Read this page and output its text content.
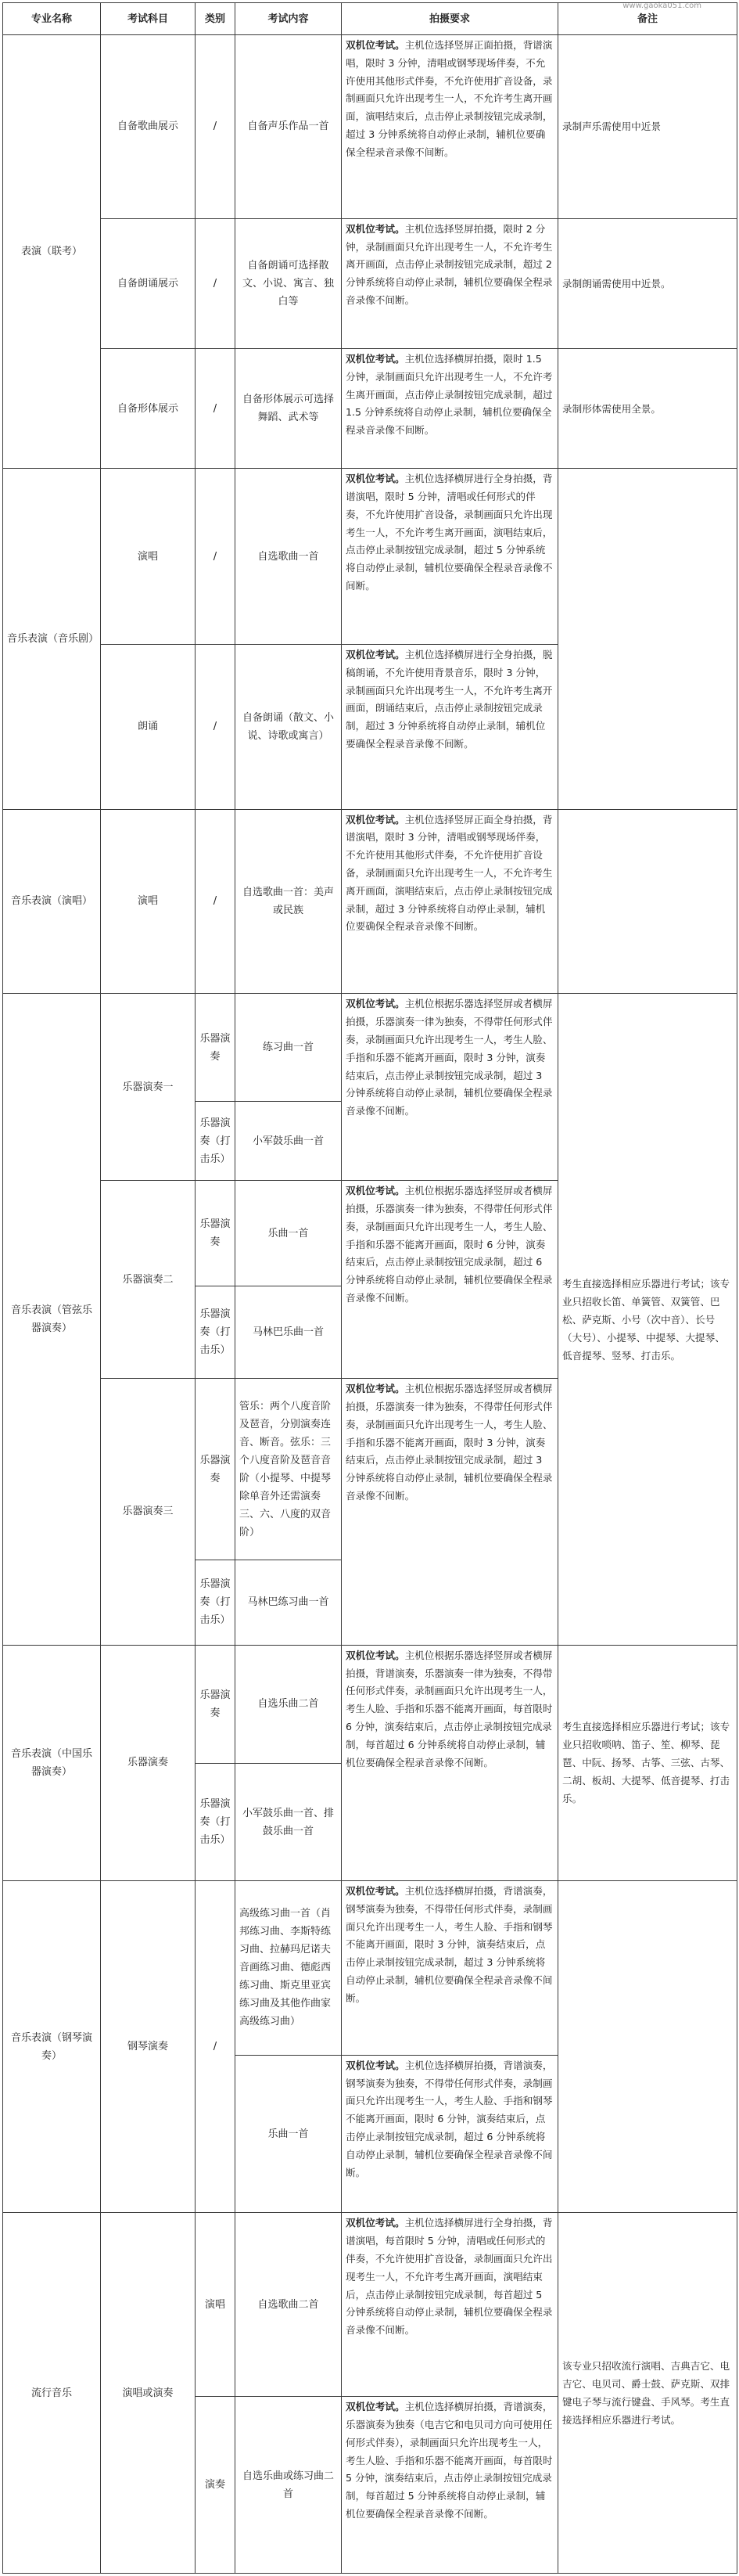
www.gaoka051.com
专业名称	考试科目	类别	考试内容	拍摄要求	备注
表演（联考）	自备歌曲展示	/	自备声乐作品一首	双机位考试。主机位选择竖屏正面拍摄，背谱演唱，限时 3 分钟，清唱或钢琴现场伴奏，不允许使用其他形式伴奏，不允许使用扩音设备，录制画面只允许出现考生一人，不允许考生离开画面，演唱结束后，点击停止录制按钮完成录制，超过 3 分钟系统将自动停止录制，辅机位要确保全程录音录像不间断。	录制声乐需使用中近景
	自备朗诵展示	/	自备朗诵可选择散文、小说、寓言、独白等	双机位考试。主机位选择竖屏拍摄，限时 2 分钟，录制画面只允许出现考生一人，不允许考生离开画面，点击停止录制按钮完成录制，超过 2 分钟系统将自动停止录制，辅机位要确保全程录音录像不间断。	录制朗诵需使用中近景。
	自备形体展示	/	自备形体展示可选择舞蹈、武术等	双机位考试。主机位选择横屏拍摄，限时 1.5 分钟，录制画面只允许出现考生一人，不允许考生离开画面，点击停止录制按钮完成录制，超过 1.5 分钟系统将自动停止录制，辅机位要确保全程录音录像不间断。	录制形体需使用全景。
音乐表演（音乐剧）	演唱	/	自选歌曲一首	双机位考试。主机位选择横屏进行全身拍摄，背谱演唱，限时 5 分钟，清唱或任何形式的伴奏，不允许使用扩音设备，录制画面只允许出现考生一人，不允许考生离开画面，演唱结束后，点击停止录制按钮完成录制，超过 5 分钟系统将自动停止录制，辅机位要确保全程录音录像不间断。	
	朗诵	/	自备朗诵（散文、小说、诗歌或寓言）	双机位考试。主机位选择横屏进行全身拍摄，脱稿朗诵，不允许使用背景音乐，限时 3 分钟，录制画面只允许出现考生一人，不允许考生离开画面，朗诵结束后，点击停止录制按钮完成录制，超过 3 分钟系统将自动停止录制，辅机位要确保全程录音录像不间断。	
音乐表演（演唱）	演唱	/	自选歌曲一首：美声或民族	双机位考试。主机位选择竖屏正面全身拍摄，背谱演唱，限时 3 分钟，清唱或钢琴现场伴奏，不允许使用其他形式伴奏，不允许使用扩音设备，录制画面只允许出现考生一人，不允许考生离开画面，演唱结束后，点击停止录制按钮完成录制，超过 3 分钟系统将自动停止录制，辅机位要确保全程录音录像不间断。	
音乐表演（管弦乐器演奏）	乐器演奏一	乐器演奏	练习曲一首	双机位考试。主机位根据乐器选择竖屏或者横屏拍摄，乐器演奏一律为独奏，不得带任何形式伴奏，录制画面只允许出现考生一人，考生人脸、手指和乐器不能离开画面，限时 3 分钟，演奏结束后，点击停止录制按钮完成录制，超过 3 分钟系统将自动停止录制，辅机位要确保全程录音录像不间断。	考生直接选择相应乐器进行考试；该专业只招收长笛、单簧管、双簧管、巴松、萨克斯、小号（次中音）、长号（大号）、小提琴、中提琴、大提琴、低音提琴、竖琴、打击乐。
		乐器演奏（打击乐）	小军鼓乐曲一首		
	乐器演奏二	乐器演奏	乐曲一首	双机位考试。主机位根据乐器选择竖屏或者横屏拍摄，乐器演奏一律为独奏，不得带任何形式伴奏，录制画面只允许出现考生一人，考生人脸、手指和乐器不能离开画面，限时 6 分钟，演奏结束后，点击停止录制按钮完成录制，超过 6 分钟系统将自动停止录制，辅机位要确保全程录音录像不间断。	
		乐器演奏（打击乐）	马林巴乐曲一首		
	乐器演奏三	乐器演奏	管乐：两个八度音阶及琶音，分别演奏连音、断音。弦乐：三个八度音阶及琶音音阶（小提琴、中提琴除单音外还需演奏三、六、八度的双音阶）	双机位考试。主机位根据乐器选择竖屏或者横屏拍摄，乐器演奏一律为独奏，不得带任何形式伴奏，录制画面只允许出现考生一人，考生人脸、手指和乐器不能离开画面，限时 3 分钟，演奏结束后，点击停止录制按钮完成录制，超过 3 分钟系统将自动停止录制，辅机位要确保全程录音录像不间断。	
		乐器演奏（打击乐）	马林巴练习曲一首		
音乐表演（中国乐器演奏）	乐器演奏	乐器演奏	自选乐曲二首	双机位考试。主机位根据乐器选择竖屏或者横屏拍摄，背谱演奏，乐器演奏一律为独奏，不得带任何形式伴奏，录制画面只允许出现考生一人，考生人脸、手指和乐器不能离开画面，每首限时 6 分钟，演奏结束后，点击停止录制按钮完成录制，每首超过 6 分钟系统将自动停止录制，辅机位要确保全程录音录像不间断。	考生直接选择相应乐器进行考试；该专业只招收唢呐、笛子、笙、柳琴、琵琶、中阮、扬琴、古筝、三弦、古琴、二胡、板胡、大提琴、低音提琴、打击乐。
		乐器演奏（打击乐）	小军鼓乐曲一首、排鼓乐曲一首		
音乐表演（钢琴演奏）	钢琴演奏	/	高级练习曲一首（肖邦练习曲、李斯特练习曲、拉赫玛尼诺夫音画练习曲、德彪西练习曲、斯克里亚宾练习曲及其他作曲家高级练习曲）	双机位考试。主机位选择横屏拍摄，背谱演奏，钢琴演奏为独奏，不得带任何形式伴奏，录制画面只允许出现考生一人，考生人脸、手指和钢琴不能离开画面，限时 3 分钟，演奏结束后，点击停止录制按钮完成录制，超过 3 分钟系统将自动停止录制，辅机位要确保全程录音录像不间断。	
			乐曲一首	双机位考试。主机位选择横屏拍摄，背谱演奏，钢琴演奏为独奏，不得带任何形式伴奏，录制画面只允许出现考生一人，考生人脸、手指和钢琴不能离开画面，限时 6 分钟，演奏结束后，点击停止录制按钮完成录制，超过 6 分钟系统将自动停止录制，辅机位要确保全程录音录像不间断。	
流行音乐	演唱或演奏	演唱	自选歌曲二首	双机位考试。主机位选择横屏进行全身拍摄，背谱演唱，每首限时 5 分钟，清唱或任何形式的伴奏，不允许使用扩音设备，录制画面只允许出现考生一人，不允许考生离开画面，演唱结束后，点击停止录制按钮完成录制，每首超过 5 分钟系统将自动停止录制，辅机位要确保全程录音录像不间断。	该专业只招收流行演唱、吉典吉它、电吉它、电贝司、爵士鼓、萨克斯、双排键电子琴与流行键盘、手风琴。考生直接选择相应乐器进行考试。
		演奏	自选乐曲或练习曲二首	双机位考试。主机位选择横屏拍摄，背谱演奏，乐器演奏为独奏（电吉它和电贝司方向可使用任何形式伴奏），录制画面只允许出现考生一人，考生人脸、手指和乐器不能离开画面，每首限时 5 分钟，演奏结束后，点击停止录制按钮完成录制，每首超过 5 分钟系统将自动停止录制，辅机位要确保全程录音录像不间断。	
